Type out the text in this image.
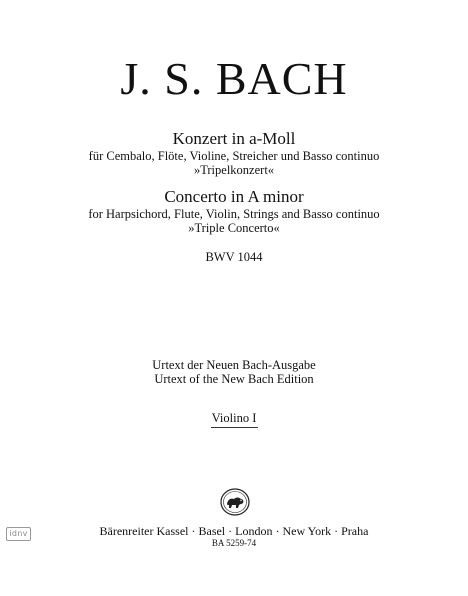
J. S. BACH
Konzert in a-Moll
für Cembalo, Flöte, Violine, Streicher und Basso continuo
»Tripelkonzert«
Concerto in A minor
for Harpsichord, Flute, Violin, Strings and Basso continuo
»Triple Concerto«
BWV 1044
Urtext der Neuen Bach-Ausgabe
Urtext of the New Bach Edition
Violino I
Bärenreiter Kassel · Basel · London · New York · Praha
BA 5259-74
idnv
